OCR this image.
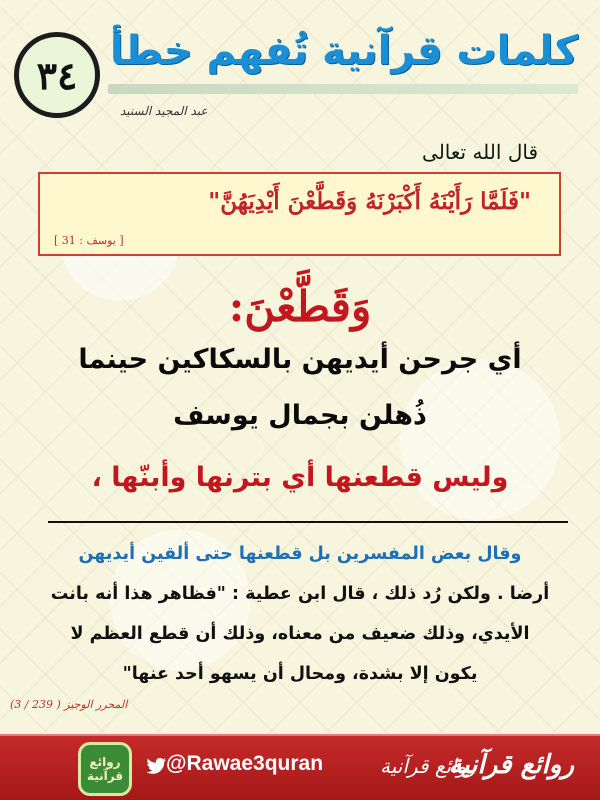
٣٤
كلمات قرآنية تُفهم خطأ
عبد المجيد السنيد
قال الله تعالى
"فَلَمَّا رَأَيْنَهُ أَكْبَرْنَهُ وَقَطَّعْنَ أَيْدِيَهُنَّ"
[ يوسف : 31 ]
وَقَطَّعْنَ:
أي جرحن أيديهن بالسكاكين حينما
ذُهلن بجمال يوسف
وليس قطعنها أي بترنها وأبنّها ،
وقال بعض المفسرين بل قطعنها حتى ألقين أيديهن
أرضا . ولكن رُد ذلك ، قال ابن عطية : "فظاهر هذا أنه بانت
الأيدي، وذلك ضعيف من معناه، وذلك أن قطع العظم لا
يكون إلا بشدة، ومحال أن يسهو أحد عنها"
المحرر الوجيز ( 239 / 3)
روائع
قرآنية
@Rawae3quran	روائع قرآنية
روائع قرآنية
